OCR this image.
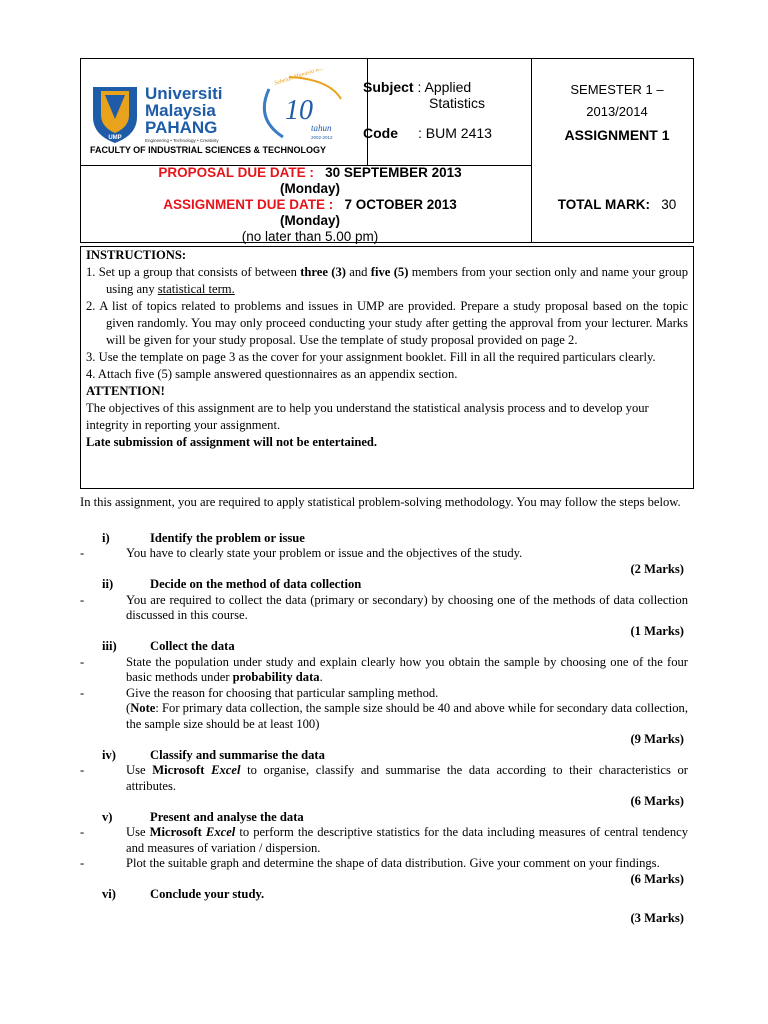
UMP
Universiti
Malaysia
PAHANG
Engineering • Technology • Creativity
Sebelah Manusia Kecemerlangan
10
tahun
2002-2012
FACULTY OF INDUSTRIAL SCIENCES & TECHNOLOGY
Subject : Applied
Statistics
Code : BUM 2413
SEMESTER 1 –
2013/2014
ASSIGNMENT 1
PROPOSAL DUE DATE : 30 SEPTEMBER 2013
(Monday)
ASSIGNMENT DUE DATE : 7 OCTOBER 2013
(Monday)
(no later than 5.00 pm)
TOTAL MARK: 30

INSTRUCTIONS:

1. Set up a group that consists of between three (3) and five (5) members from your section only and name your group using any statistical term.

2. A list of topics related to problems and issues in UMP are provided. Prepare a study proposal based on the topic given randomly. You may only proceed conducting your study after getting the approval from your lecturer. Marks will be given for your study proposal. Use the template of study proposal provided on page 2.

3. Use the template on page 3 as the cover for your assignment booklet. Fill in all the required particulars clearly.

4. Attach five (5) sample answered questionnaires as an appendix section.

ATTENTION!

The objectives of this assignment are to help you understand the statistical analysis process and to develop your integrity in reporting your assignment.

Late submission of assignment will not be entertained.

In this assignment, you are required to apply statistical problem-solving methodology. You may follow the steps below.

i)	Identify the problem or issue
-	You have to clearly state your problem or issue and the objectives of the study.
(2 Marks)
ii)	Decide on the method of data collection
-	You are required to collect the data (primary or secondary) by choosing one of the methods of data collection discussed in this course.
(1 Marks)
iii)	Collect the data
-	State the population under study and explain clearly how you obtain the sample by choosing one of the four basic methods under probability data.
-	Give the reason for choosing that particular sampling method.
(Note: For primary data collection, the sample size should be 40 and above while for secondary data collection, the sample size should be at least 100)
(9 Marks)
iv)	Classify and summarise the data
-	Use Microsoft Excel to organise, classify and summarise the data according to their characteristics or attributes.
(6 Marks)
v)	Present and analyse the data
-	Use Microsoft Excel to perform the descriptive statistics for the data including measures of central tendency and measures of variation / dispersion.
-	Plot the suitable graph and determine the shape of data distribution. Give your comment on your findings.
(6 Marks)
vi)	Conclude your study.
(3 Marks)
